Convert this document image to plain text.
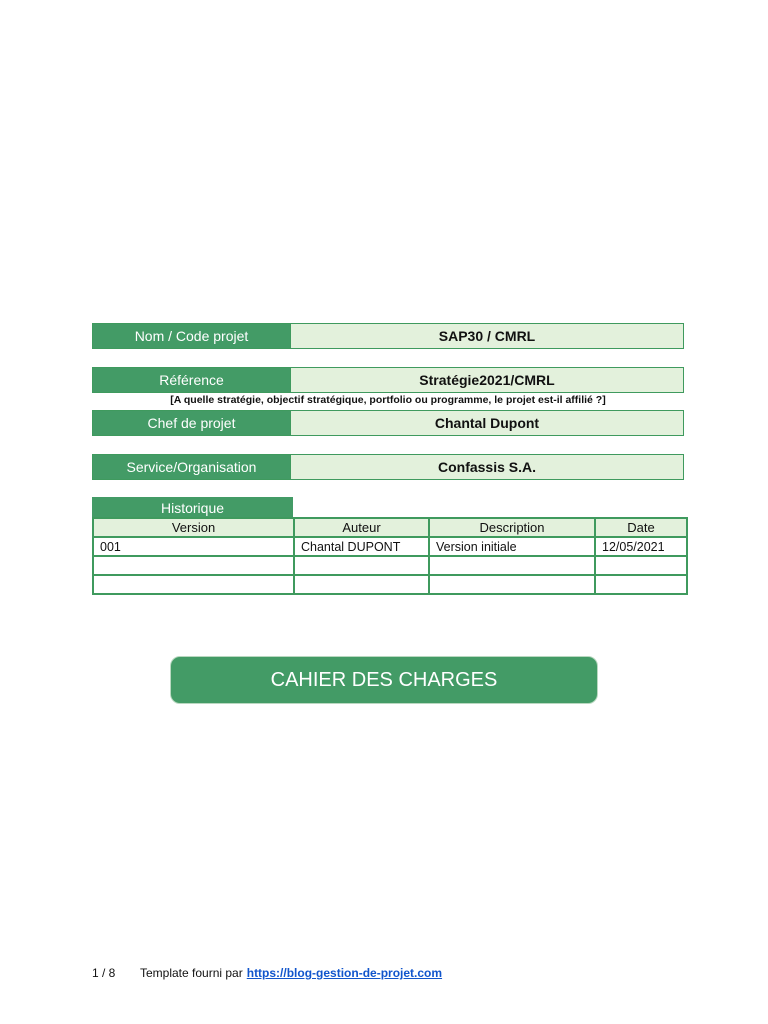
Nom / Code projet	SAP30 / CMRL
Référence	Stratégie2021/CMRL
[A quelle stratégie, objectif stratégique, portfolio ou programme, le projet est-il affilié ?]
Chef de projet	Chantal Dupont
Service/Organisation	Confassis S.A.
Historique
Version	Auteur	Description	Date
001	Chantal DUPONT	Version initiale	12/05/2021

CAHIER DES CHARGES
1 / 8	Template fourni par https://blog-gestion-de-projet.com
